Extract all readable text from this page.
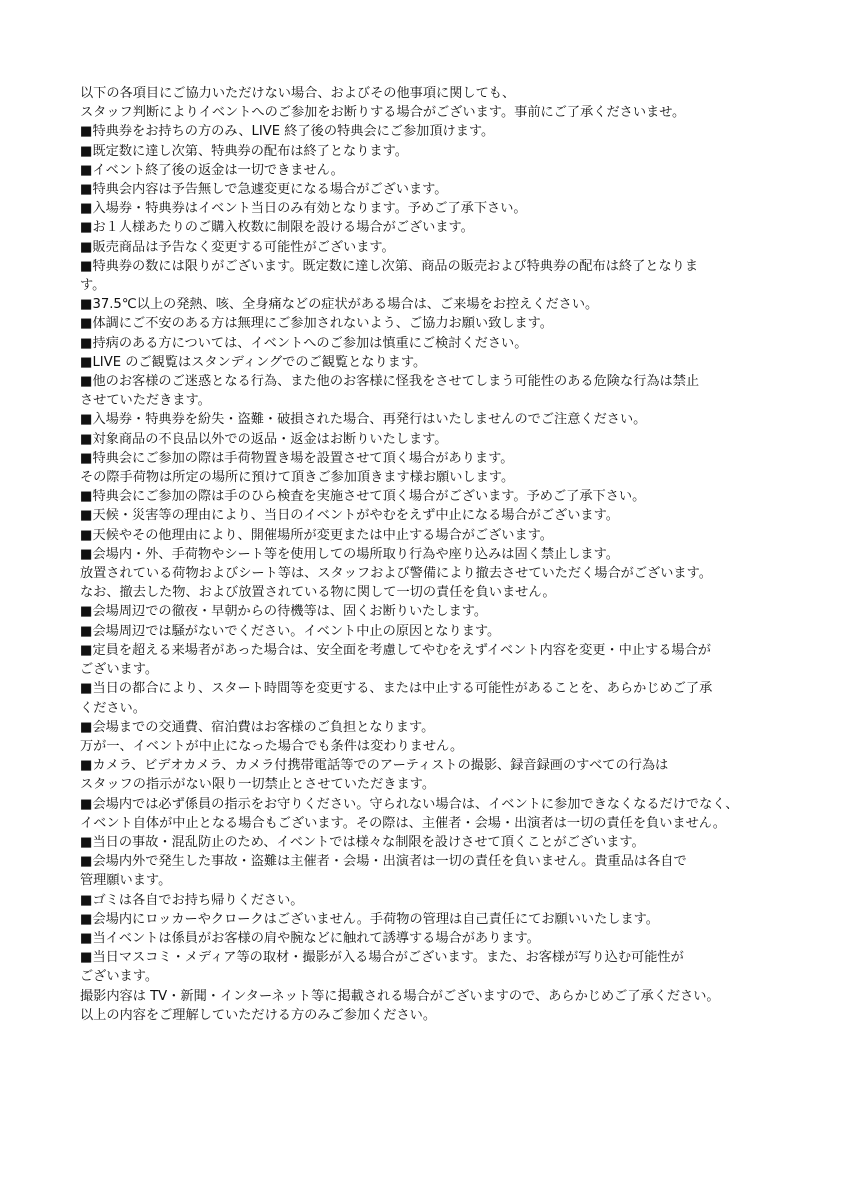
以下の各項目にご協力いただけない場合、およびその他事項に関しても、
スタッフ判断によりイベントへのご参加をお断りする場合がございます。事前にご了承くださいませ。
■特典券をお持ちの方のみ、LIVE 終了後の特典会にご参加頂けます。
■既定数に達し次第、特典券の配布は終了となります。
■イベント終了後の返金は一切できません。
■特典会内容は予告無しで急遽変更になる場合がございます。
■入場券・特典券はイベント当日のみ有効となります。予めご了承下さい。
■お１人様あたりのご購入枚数に制限を設ける場合がございます。
■販売商品は予告なく変更する可能性がございます。
■特典券の数には限りがございます。既定数に達し次第、商品の販売および特典券の配布は終了となりま
す。
■37.5℃以上の発熱、咳、全身痛などの症状がある場合は、ご来場をお控えください。
■体調にご不安のある方は無理にご参加されないよう、ご協力お願い致します。
■持病のある方については、イベントへのご参加は慎重にご検討ください。
■LIVE のご観覧はスタンディングでのご観覧となります。
■他のお客様のご迷惑となる行為、また他のお客様に怪我をさせてしまう可能性のある危険な行為は禁止
させていただきます。
■入場券・特典券を紛失・盗難・破損された場合、再発行はいたしませんのでご注意ください。
■対象商品の不良品以外での返品・返金はお断りいたします。
■特典会にご参加の際は手荷物置き場を設置させて頂く場合があります。
その際手荷物は所定の場所に預けて頂きご参加頂きます様お願いします。
■特典会にご参加の際は手のひら検査を実施させて頂く場合がございます。予めご了承下さい。
■天候・災害等の理由により、当日のイベントがやむをえず中止になる場合がございます。
■天候やその他理由により、開催場所が変更または中止する場合がございます。
■会場内・外、手荷物やシート等を使用しての場所取り行為や座り込みは固く禁止します。
放置されている荷物およびシート等は、スタッフおよび警備により撤去させていただく場合がございます。
なお、撤去した物、および放置されている物に関して一切の責任を負いません。
■会場周辺での徹夜・早朝からの待機等は、固くお断りいたします。
■会場周辺では騒がないでください。イベント中止の原因となります。
■定員を超える来場者があった場合は、安全面を考慮してやむをえずイベント内容を変更・中止する場合が
ございます。
■当日の都合により、スタート時間等を変更する、または中止する可能性があることを、あらかじめご了承
ください。
■会場までの交通費、宿泊費はお客様のご負担となります。
万が一、イベントが中止になった場合でも条件は変わりません。
■カメラ、ビデオカメラ、カメラ付携帯電話等でのアーティストの撮影、録音録画のすべての行為は
スタッフの指示がない限り一切禁止とさせていただきます。
■会場内では必ず係員の指示をお守りください。守られない場合は、イベントに参加できなくなるだけでなく、
イベント自体が中止となる場合もございます。その際は、主催者・会場・出演者は一切の責任を負いません。
■当日の事故・混乱防止のため、イベントでは様々な制限を設けさせて頂くことがございます。
■会場内外で発生した事故・盗難は主催者・会場・出演者は一切の責任を負いません。貴重品は各自で
管理願います。
■ゴミは各自でお持ち帰りください。
■会場内にロッカーやクロークはございません。手荷物の管理は自己責任にてお願いいたします。
■当イベントは係員がお客様の肩や腕などに触れて誘導する場合があります。
■当日マスコミ・メディア等の取材・撮影が入る場合がございます。また、お客様が写り込む可能性が
ございます。
撮影内容は TV・新聞・インターネット等に掲載される場合がございますので、あらかじめご了承ください。
以上の内容をご理解していただける方のみご参加ください。
